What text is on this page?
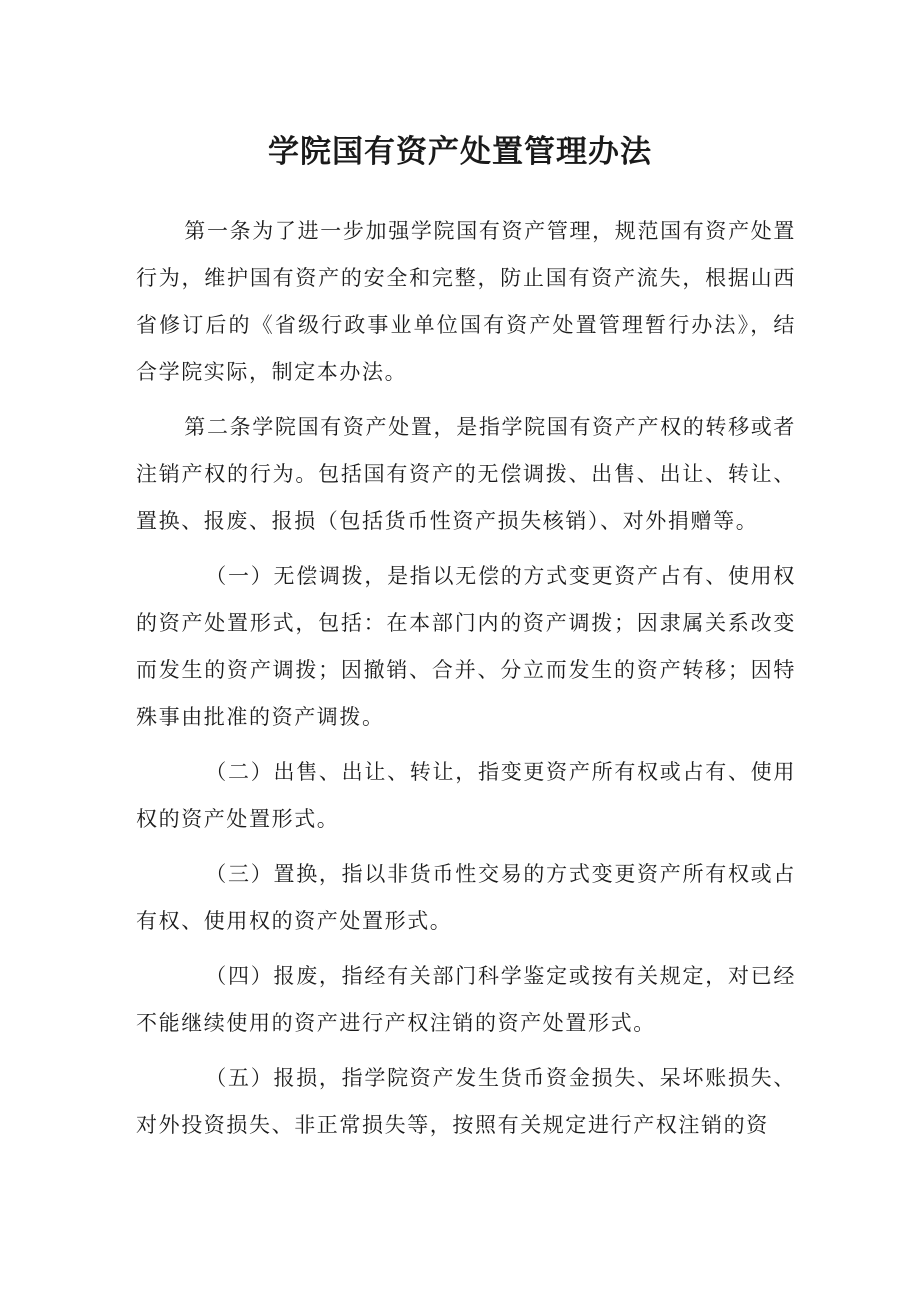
学院国有资产处置管理办法

第一条为了进一步加强学院国有资产管理，规范国有资产处置行为，维护国有资产的安全和完整，防止国有资产流失，根据山西省修订后的《省级行政事业单位国有资产处置管理暂行办法》，结合学院实际，制定本办法。

第二条学院国有资产处置，是指学院国有资产产权的转移或者注销产权的行为。包括国有资产的无偿调拨、出售、出让、转让、置换、报废、报损（包括货币性资产损失核销）、对外捐赠等。

（一）无偿调拨，是指以无偿的方式变更资产占有、使用权的资产处置形式，包括：在本部门内的资产调拨；因隶属关系改变而发生的资产调拨；因撤销、合并、分立而发生的资产转移；因特殊事由批准的资产调拨。

（二）出售、出让、转让，指变更资产所有权或占有、使用权的资产处置形式。

（三）置换，指以非货币性交易的方式变更资产所有权或占有权、使用权的资产处置形式。

（四）报废，指经有关部门科学鉴定或按有关规定，对已经不能继续使用的资产进行产权注销的资产处置形式。

（五）报损，指学院资产发生货币资金损失、呆坏账损失、对外投资损失、非正常损失等，按照有关规定进行产权注销的资
